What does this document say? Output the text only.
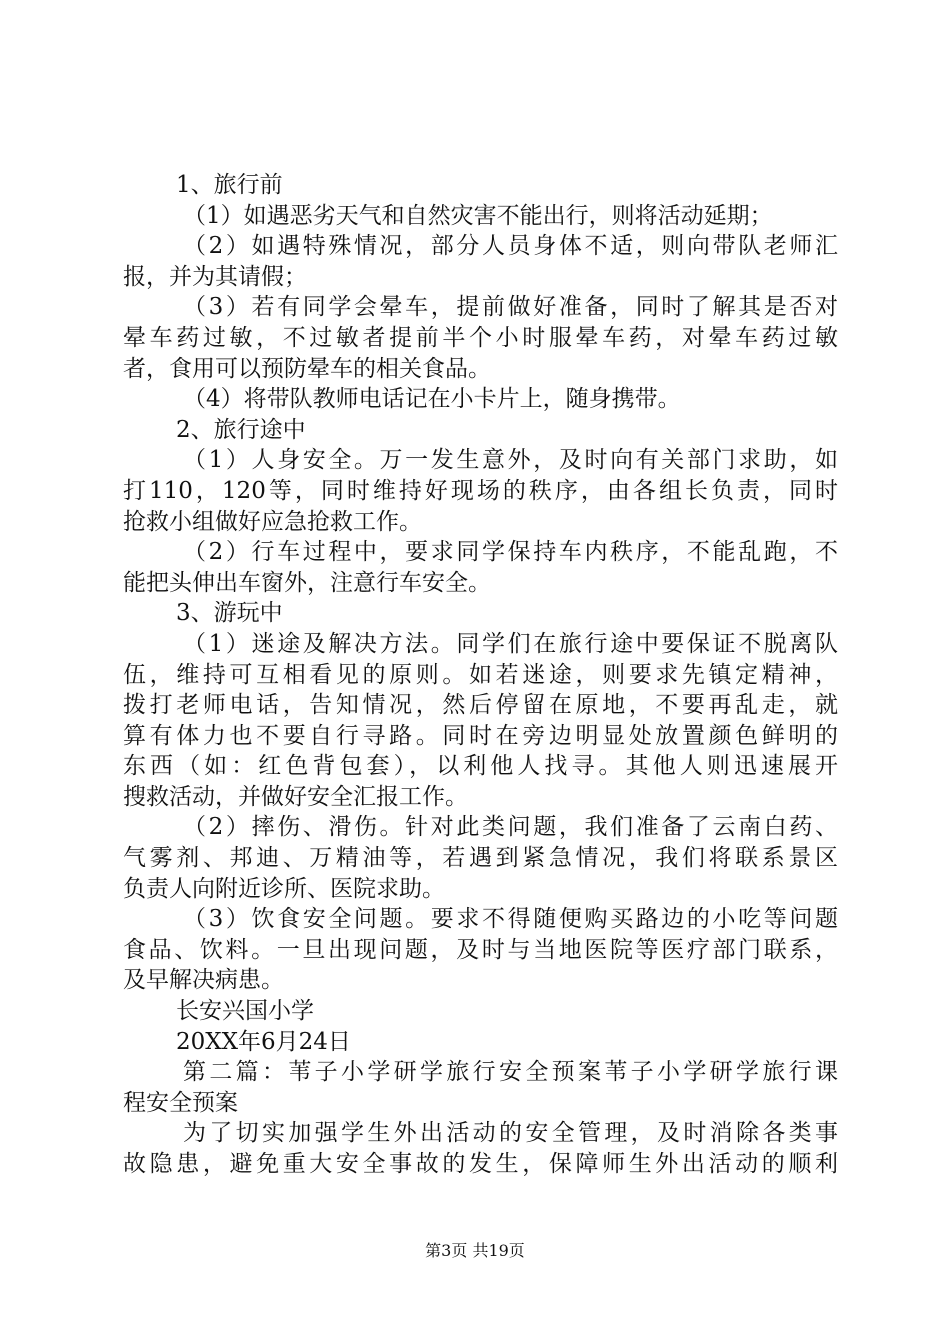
1、旅行前
（1）如遇恶劣天气和自然灾害不能出行，则将活动延期；
（2）如遇特殊情况，部分人员身体不适，则向带队老师汇
报，并为其请假；
（3）若有同学会晕车，提前做好准备，同时了解其是否对
晕车药过敏，不过敏者提前半个小时服晕车药，对晕车药过敏
者，食用可以预防晕车的相关食品。
（4）将带队教师电话记在小卡片上，随身携带。
2、旅行途中
（1）人身安全。万一发生意外，及时向有关部门求助，如
打110，120等，同时维持好现场的秩序，由各组长负责，同时
抢救小组做好应急抢救工作。
（2）行车过程中，要求同学保持车内秩序，不能乱跑，不
能把头伸出车窗外，注意行车安全。
3、游玩中
（1）迷途及解决方法。同学们在旅行途中要保证不脱离队
伍，维持可互相看见的原则。如若迷途，则要求先镇定精神，
拨打老师电话，告知情况，然后停留在原地，不要再乱走，就
算有体力也不要自行寻路。同时在旁边明显处放置颜色鲜明的
东西（如：红色背包套），以利他人找寻。其他人则迅速展开
搜救活动，并做好安全汇报工作。
（2）摔伤、滑伤。针对此类问题，我们准备了云南白药、
气雾剂、邦迪、万精油等，若遇到紧急情况，我们将联系景区
负责人向附近诊所、医院求助。
（3）饮食安全问题。要求不得随便购买路边的小吃等问题
食品、饮料。一旦出现问题，及时与当地医院等医疗部门联系，
及早解决病患。
长安兴国小学
20XX年6月24日
第二篇：苇子小学研学旅行安全预案苇子小学研学旅行课
程安全预案
为了切实加强学生外出活动的安全管理，及时消除各类事
故隐患，避免重大安全事故的发生，保障师生外出活动的顺利
第3页 共19页
